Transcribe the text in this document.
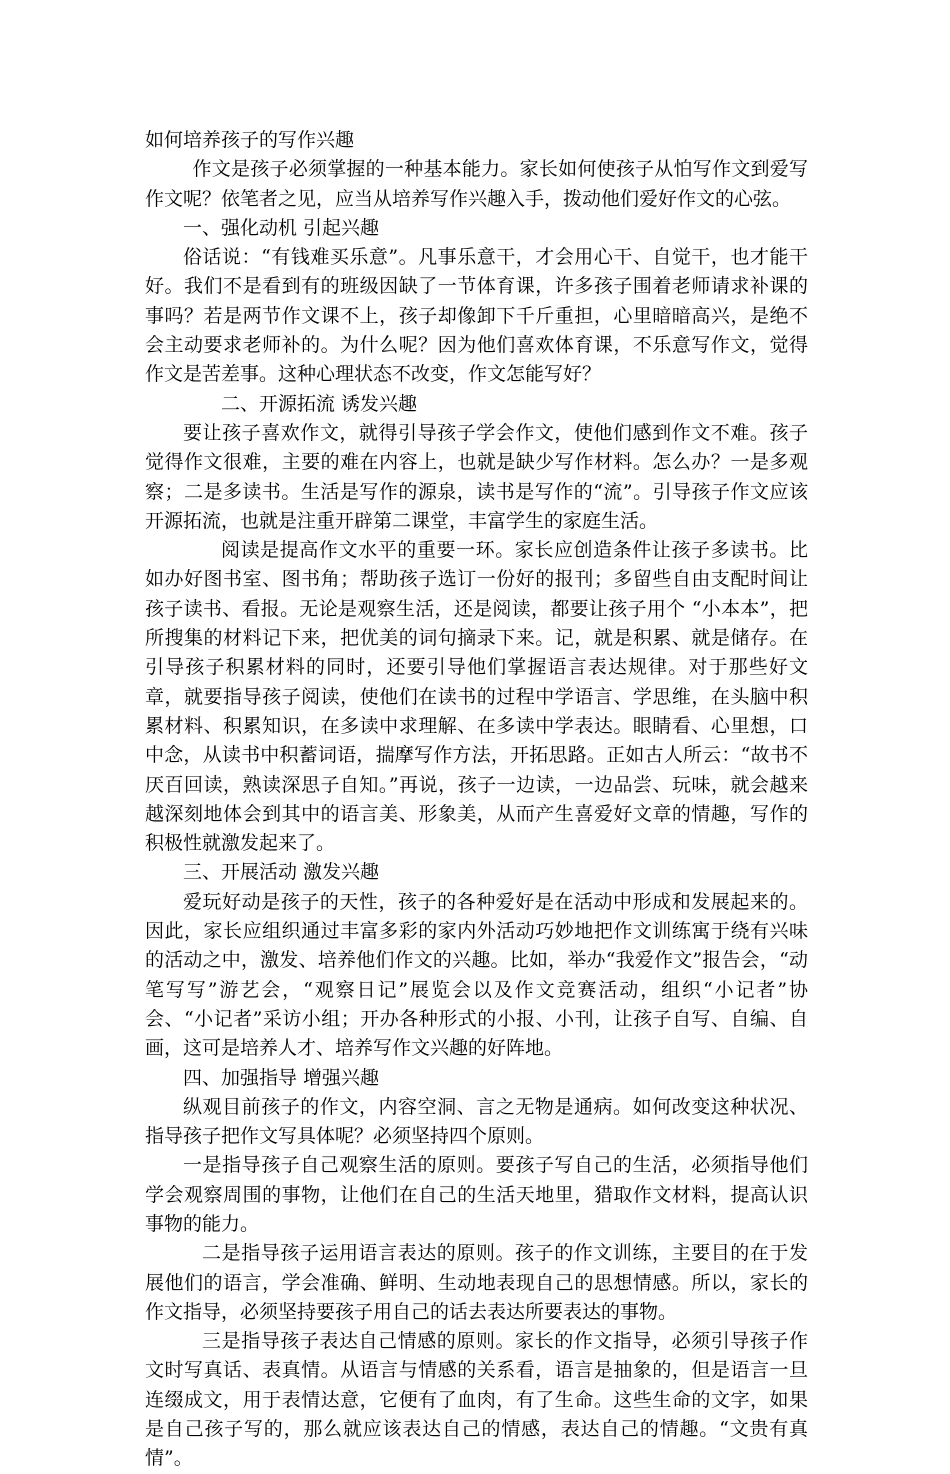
如何培养孩子的写作兴趣

作文是孩子必须掌握的一种基本能力。家长如何使孩子从怕写作文到爱写作文呢？依笔者之见，应当从培养写作兴趣入手，拨动他们爱好作文的心弦。

一、强化动机 引起兴趣

俗话说：“有钱难买乐意”。凡事乐意干，才会用心干、自觉干，也才能干好。我们不是看到有的班级因缺了一节体育课，许多孩子围着老师请求补课的事吗？若是两节作文课不上，孩子却像卸下千斤重担，心里暗暗高兴，是绝不会主动要求老师补的。为什么呢？因为他们喜欢体育课，不乐意写作文，觉得作文是苦差事。这种心理状态不改变，作文怎能写好？

二、开源拓流 诱发兴趣

要让孩子喜欢作文，就得引导孩子学会作文，使他们感到作文不难。孩子觉得作文很难，主要的难在内容上，也就是缺少写作材料。怎么办？一是多观察；二是多读书。生活是写作的源泉，读书是写作的“流”。引导孩子作文应该开源拓流，也就是注重开辟第二课堂，丰富学生的家庭生活。

阅读是提高作文水平的重要一环。家长应创造条件让孩子多读书。比如办好图书室、图书角；帮助孩子选订一份好的报刊；多留些自由支配时间让孩子读书、看报。无论是观察生活，还是阅读，都要让孩子用个 “小本本”，把所搜集的材料记下来，把优美的词句摘录下来。记，就是积累、就是储存。在引导孩子积累材料的同时，还要引导他们掌握语言表达规律。对于那些好文章，就要指导孩子阅读，使他们在读书的过程中学语言、学思维，在头脑中积累材料、积累知识，在多读中求理解、在多读中学表达。眼睛看、心里想，口中念，从读书中积蓄词语，揣摩写作方法，开拓思路。正如古人所云：“故书不厌百回读，熟读深思子自知。”再说，孩子一边读，一边品尝、玩味，就会越来越深刻地体会到其中的语言美、形象美，从而产生喜爱好文章的情趣，写作的积极性就激发起来了。

三、开展活动 激发兴趣

爱玩好动是孩子的天性，孩子的各种爱好是在活动中形成和发展起来的。因此，家长应组织通过丰富多彩的家内外活动巧妙地把作文训练寓于绕有兴味的活动之中，激发、培养他们作文的兴趣。比如，举办“我爱作文”报告会，“动笔写写”游艺会，“观察日记”展览会以及作文竞赛活动，组织“小记者”协会、“小记者”采访小组；开办各种形式的小报、小刊，让孩子自写、自编、自画，这可是培养人才、培养写作文兴趣的好阵地。

四、加强指导 增强兴趣

纵观目前孩子的作文，内容空洞、言之无物是通病。如何改变这种状况、指导孩子把作文写具体呢？必须坚持四个原则。

一是指导孩子自己观察生活的原则。要孩子写自己的生活，必须指导他们学会观察周围的事物，让他们在自己的生活天地里，猎取作文材料，提高认识事物的能力。

二是指导孩子运用语言表达的原则。孩子的作文训练，主要目的在于发展他们的语言，学会准确、鲜明、生动地表现自己的思想情感。所以，家长的作文指导，必须坚持要孩子用自己的话去表达所要表达的事物。

三是指导孩子表达自己情感的原则。家长的作文指导，必须引导孩子作文时写真话、表真情。从语言与情感的关系看，语言是抽象的，但是语言一旦连缀成文，用于表情达意，它便有了血肉，有了生命。这些生命的文字，如果是自己孩子写的，那么就应该表达自己的情感，表达自己的情趣。“文贵有真情”。
